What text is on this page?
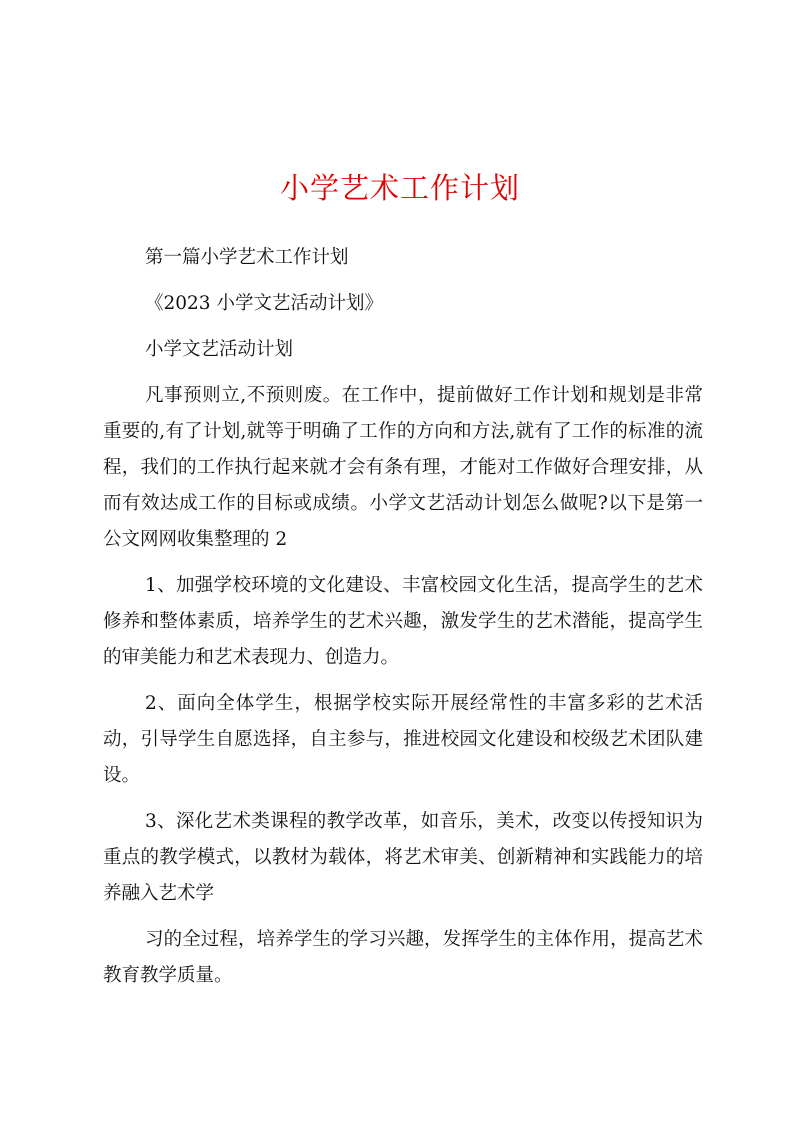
小学艺术工作计划

第一篇小学艺术工作计划

《2023 小学文艺活动计划》

小学文艺活动计划

凡事预则立,不预则废。在工作中，提前做好工作计划和规划是非常重要的,有了计划,就等于明确了工作的方向和方法,就有了工作的标准的流程，我们的工作执行起来就才会有条有理，才能对工作做好合理安排，从而有效达成工作的目标或成绩。小学文艺活动计划怎么做呢?以下是第一公文网网收集整理的 2

1、加强学校环境的文化建设、丰富校园文化生活，提高学生的艺术修养和整体素质，培养学生的艺术兴趣，激发学生的艺术潜能，提高学生的审美能力和艺术表现力、创造力。

2、面向全体学生，根据学校实际开展经常性的丰富多彩的艺术活动，引导学生自愿选择，自主参与，推进校园文化建设和校级艺术团队建设。

3、深化艺术类课程的教学改革，如音乐，美术，改变以传授知识为重点的教学模式，以教材为载体，将艺术审美、创新精神和实践能力的培养融入艺术学

习的全过程，培养学生的学习兴趣，发挥学生的主体作用，提高艺术教育教学质量。
